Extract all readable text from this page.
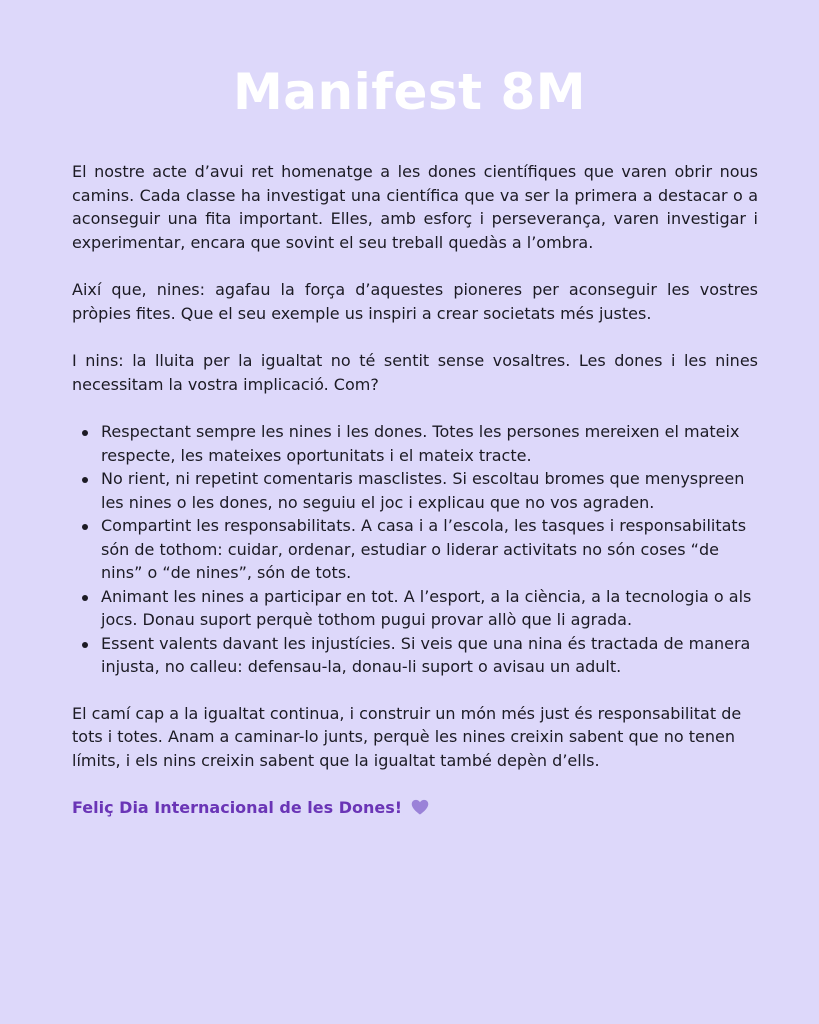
Manifest 8M

El nostre acte d’avui ret homenatge a les dones científiques que varen obrir nous camins. Cada classe ha investigat una científica que va ser la primera a destacar o a aconseguir una fita important. Elles, amb esforç i perseverança, varen investigar i experimentar, encara que sovint el seu treball quedàs a l’ombra.

Així que, nines: agafau la força d’aquestes pioneres per aconseguir les vostres pròpies fites. Que el seu exemple us inspiri a crear societats més justes.

I nins: la lluita per la igualtat no té sentit sense vosaltres. Les dones i les nines necessitam la vostra implicació. Com?

Respectant sempre les nines i les dones. Totes les persones mereixen el mateix respecte, les mateixes oportunitats i el mateix tracte.
No rient, ni repetint comentaris masclistes. Si escoltau bromes que menyspreen les nines o les dones, no seguiu el joc i explicau que no vos agraden.
Compartint les responsabilitats. A casa i a l’escola, les tasques i responsabilitats són de tothom: cuidar, ordenar, estudiar o liderar activitats no són coses “de nins” o “de nines”, són de tots.
Animant les nines a participar en tot. A l’esport, a la ciència, a la tecnologia o als jocs. Donau suport perquè tothom pugui provar allò que li agrada.
Essent valents davant les injustícies. Si veis que una nina és tractada de manera injusta, no calleu: defensau-la, donau-li suport o avisau un adult.

El camí cap a la igualtat continua, i construir un món més just és responsabilitat de tots i totes. Anam a caminar-lo junts, perquè les nines creixin sabent que no tenen límits, i els nins creixin sabent que la igualtat també depèn d’ells.

Feliç Dia Internacional de les Dones!
